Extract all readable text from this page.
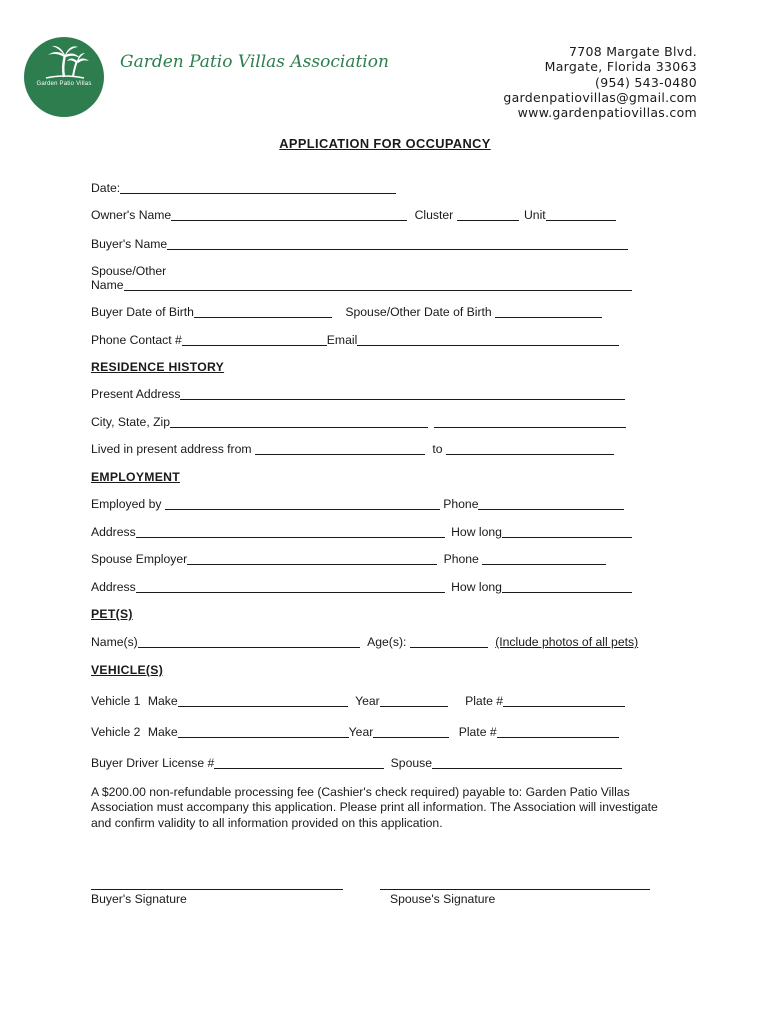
Garden Patio Villas
Garden Patio Villas Association
7708 Margate Blvd.
Margate, Florida 33063
(954) 543-0480
gardenpatiovillas@gmail.com
www.gardenpatiovillas.com
APPLICATION FOR OCCUPANCY
Date:
Owner's Name	Cluster	Unit
Buyer's Name
Spouse/Other
Name
Buyer Date of Birth	Spouse/Other Date of Birth
Phone Contact #	Email
RESIDENCE HISTORY
Present Address
City, State, Zip
Lived in present address from	to
EMPLOYMENT
Employed by	Phone
Address	How long
Spouse Employer	Phone
Address	How long
PET(S)
Name(s)	Age(s):	(Include photos of all pets)
VEHICLE(S)
Vehicle 1 Make	Year	Plate #
Vehicle 2 Make	Year	Plate #
Buyer Driver License #	Spouse
A $200.00 non-refundable processing fee (Cashier's check required) payable to: Garden Patio Villas Association must accompany this application. Please print all information. The Association will investigate and confirm validity to all information provided on this application.
Buyer's Signature	Spouse's Signature
